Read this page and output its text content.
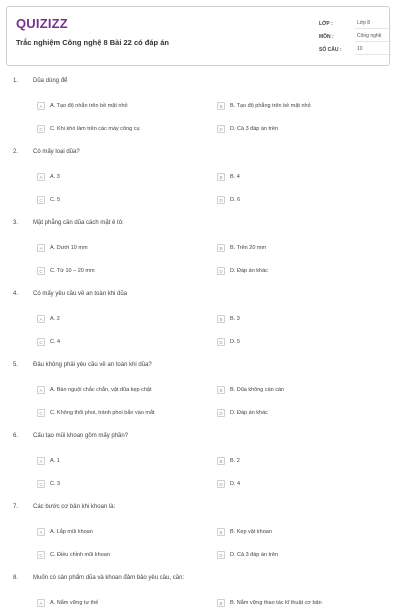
QUIZIZZ
Trắc nghiệm Công nghệ 8 Bài 22 có đáp án
LỚP :	Lớp 8
MÔN :	Công nghệ
SỐ CÂU :	10
1. Dũa dùng để
A	A. Tạo độ nhẵn trên bề mặt nhỏ	B	B. Tạo độ phẳng trên bề mặt nhỏ
C	C. Khi khó làm trên các máy công cụ	D	D. Cả 3 đáp án trên
2. Có mấy loại dũa?
A	A. 3	B	B. 4
C	C. 5	D	D. 6
3. Mặt phẳng cần dũa cách mặt ê tô:
A	A. Dưới 10 mm	B	B. Trên 20 mm
C	C. Từ 10 – 20 mm	D	D. Đáp án khác
4. Có mấy yêu cầu về an toàn khi dũa
A	A. 2	B	B. 3
C	C. 4	D	D. 5
5. Đâu không phải yêu cầu về an toàn khi dũa?
A	A. Bàn nguội chắc chắn, vật dũa kẹp chặt	B	B. Dũa không cán cán
C	C. Không thổi phoi, tránh phoi bắn vào mắt	D	D. Đáp án khác
6. Cấu tạo mũi khoan gồm mấy phần?
A	A. 1	B	B. 2
C	C. 3	D	D. 4
7. Các bước cơ bản khi khoan là:
A	A. Lắp mũi khoan	B	B. Kẹp vật khoan
C	C. Điều chỉnh mũi khoan	D	D. Cả 3 đáp án trên
8. Muốn có sản phẩm dũa và khoan đảm bảo yêu cầu, cần:
A	A. Nắm vững tư thế	B	B. Nắm vững thao tác kĩ thuật cơ bản
